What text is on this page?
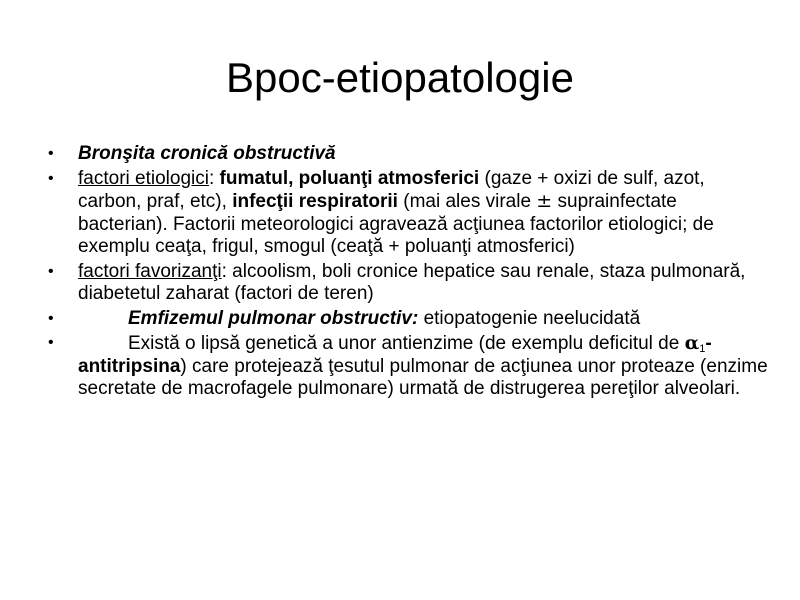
Bpoc-etiopatologie
•	Bronşita cronică obstructivă
•	factori etiologici: fumatul, poluanţi atmosferici (gaze + oxizi de sulf, azot, carbon, praf, etc), infecţii respiratorii (mai ales virale ± suprainfectate bacterian). Factorii meteorologici agravează acţiunea factorilor etiologici; de exemplu ceaţa, frigul, smogul (ceaţă + poluanţi atmosferici)
•	factori favorizanţi: alcoolism, boli cronice hepatice sau renale, staza pulmonară, diabetetul zaharat (factori de teren)
•	Emfizemul pulmonar obstructiv: etiopatogenie neelucidată
•	Există o lipsă genetică a unor antienzime (de exemplu deficitul de $\alpha_1-antitripsina$) care protejează ţesutul pulmonar de acţiunea unor proteaze (enzime secretate de macrofagele pulmonare) urmată de distrugerea pereţilor alveolari.
